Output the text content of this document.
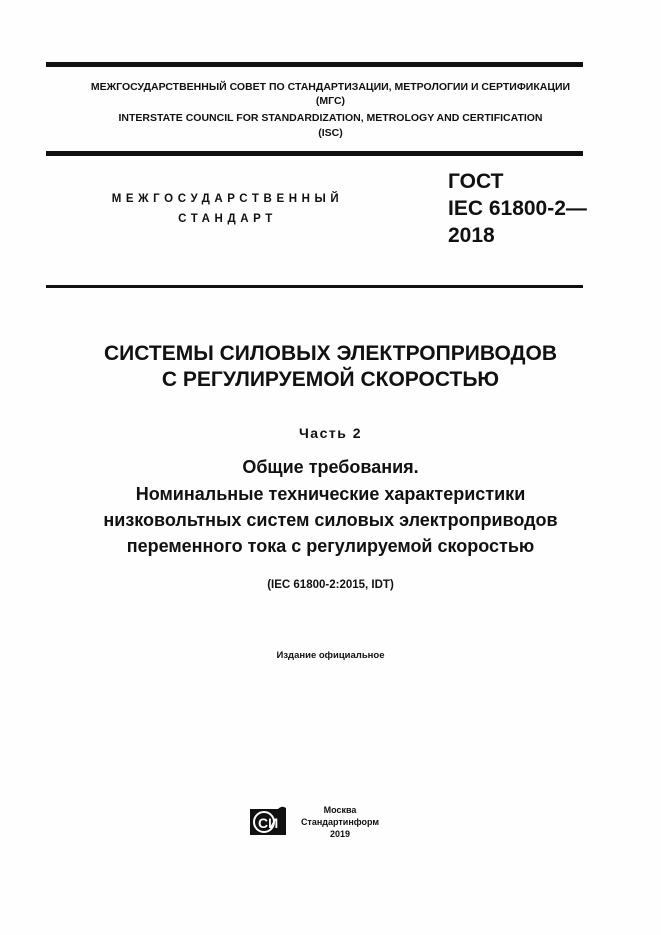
МЕЖГОСУДАРСТВЕННЫЙ СОВЕТ ПО СТАНДАРТИЗАЦИИ, МЕТРОЛОГИИ И СЕРТИФИКАЦИИ
(МГС)
INTERSTATE COUNCIL FOR STANDARDIZATION, METROLOGY AND CERTIFICATION
(ISC)
МЕЖГОСУДАРСТВЕННЫЙ
СТАНДАРТ
ГОСТ
IEC 61800-2—
2018
СИСТЕМЫ СИЛОВЫХ ЭЛЕКТРОПРИВОДОВ
С РЕГУЛИРУЕМОЙ СКОРОСТЬЮ
Часть 2
Общие требования.
Номинальные технические характеристики
низковольтных систем силовых электроприводов
переменного тока с регулируемой скоростью
(IEC 61800-2:2015, IDT)
Издание официальное
СИ
Москва
Стандартинформ
2019
